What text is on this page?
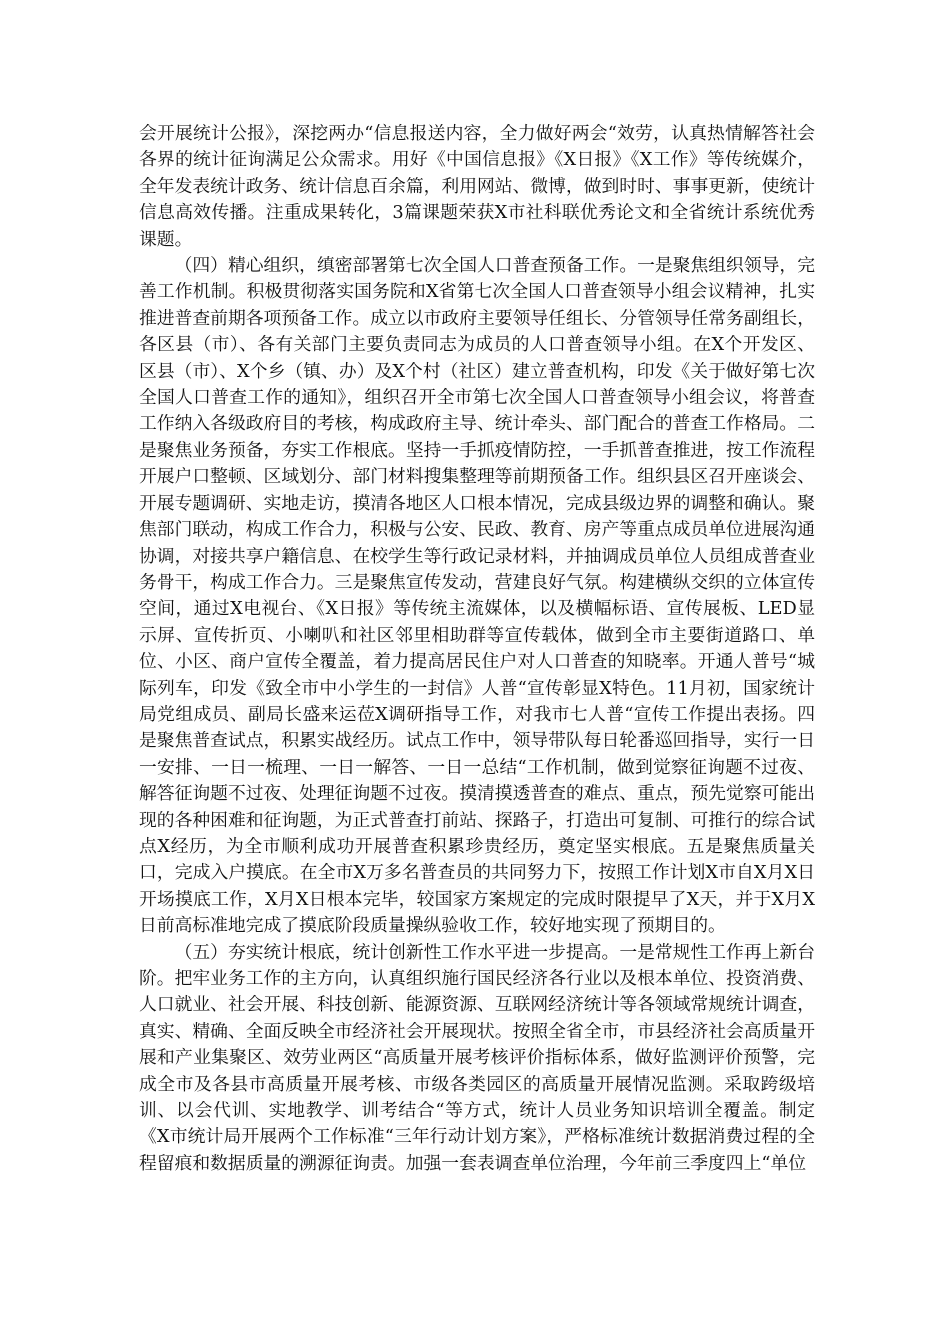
会开展统计公报》，深挖两办“信息报送内容，全力做好两会“效劳，认真热情解答社会各界的统计征询满足公众需求。用好《中国信息报》《X日报》《X工作》等传统媒介，全年发表统计政务、统计信息百余篇，利用网站、微博，做到时时、事事更新，使统计信息高效传播。注重成果转化，3篇课题荣获X市社科联优秀论文和全省统计系统优秀课题。

（四）精心组织，缜密部署第七次全国人口普查预备工作。一是聚焦组织领导，完善工作机制。积极贯彻落实国务院和X省第七次全国人口普查领导小组会议精神，扎实推进普查前期各项预备工作。成立以市政府主要领导任组长、分管领导任常务副组长，各区县（市）、各有关部门主要负责同志为成员的人口普查领导小组。在X个开发区、区县（市）、X个乡（镇、办）及X个村（社区）建立普查机构，印发《关于做好第七次全国人口普查工作的通知》，组织召开全市第七次全国人口普查领导小组会议，将普查工作纳入各级政府目的考核，构成政府主导、统计牵头、部门配合的普查工作格局。二是聚焦业务预备，夯实工作根底。坚持一手抓疫情防控，一手抓普查推进，按工作流程开展户口整顿、区域划分、部门材料搜集整理等前期预备工作。组织县区召开座谈会、开展专题调研、实地走访，摸清各地区人口根本情况，完成县级边界的调整和确认。聚焦部门联动，构成工作合力，积极与公安、民政、教育、房产等重点成员单位进展沟通协调，对接共享户籍信息、在校学生等行政记录材料，并抽调成员单位人员组成普查业务骨干，构成工作合力。三是聚焦宣传发动，营建良好气氛。构建横纵交织的立体宣传空间，通过X电视台、《X日报》等传统主流媒体，以及横幅标语、宣传展板、LED显示屏、宣传折页、小喇叭和社区邻里相助群等宣传载体，做到全市主要街道路口、单位、小区、商户宣传全覆盖，着力提高居民住户对人口普查的知晓率。开通人普号“城际列车，印发《致全市中小学生的一封信》人普“宣传彰显X特色。11月初，国家统计局党组成员、副局长盛来运莅X调研指导工作，对我市七人普“宣传工作提出表扬。四是聚焦普查试点，积累实战经历。试点工作中，领导带队每日轮番巡回指导，实行一日一安排、一日一梳理、一日一解答、一日一总结“工作机制，做到觉察征询题不过夜、解答征询题不过夜、处理征询题不过夜。摸清摸透普查的难点、重点，预先觉察可能出现的各种困难和征询题，为正式普查打前站、探路子，打造出可复制、可推行的综合试点X经历，为全市顺利成功开展普查积累珍贵经历，奠定坚实根底。五是聚焦质量关口，完成入户摸底。在全市X万多名普查员的共同努力下，按照工作计划X市自X月X日开场摸底工作，X月X日根本完毕，较国家方案规定的完成时限提早了X天，并于X月X日前高标准地完成了摸底阶段质量操纵验收工作，较好地实现了预期目的。

（五）夯实统计根底，统计创新性工作水平进一步提高。一是常规性工作再上新台阶。把牢业务工作的主方向，认真组织施行国民经济各行业以及根本单位、投资消费、人口就业、社会开展、科技创新、能源资源、互联网经济统计等各领域常规统计调查，真实、精确、全面反映全市经济社会开展现状。按照全省全市，市县经济社会高质量开展和产业集聚区、效劳业两区“高质量开展考核评价指标体系，做好监测评价预警，完成全市及各县市高质量开展考核、市级各类园区的高质量开展情况监测。采取跨级培训、以会代训、实地教学、训考结合“等方式，统计人员业务知识培训全覆盖。制定《X市统计局开展两个工作标准“三年行动计划方案》，严格标准统计数据消费过程的全程留痕和数据质量的溯源征询责。加强一套表调查单位治理，今年前三季度四上“单位
